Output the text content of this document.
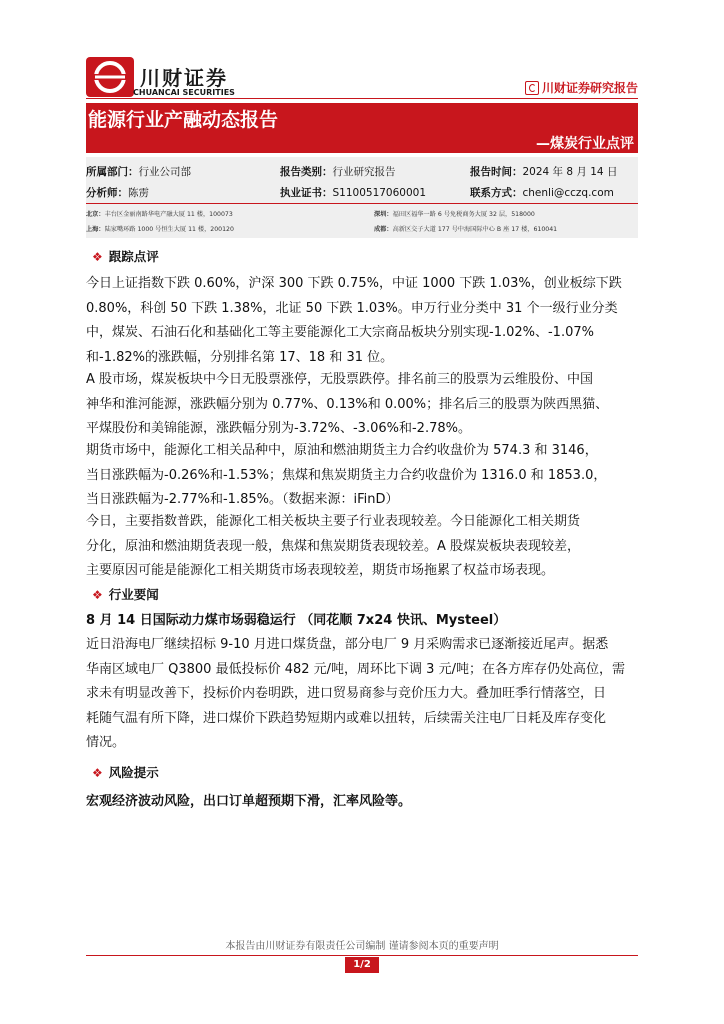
川财证券
CHUANCAI SECURITIES	川财证券研究报告
能源行业产融动态报告
—煤炭行业点评
所属部门：行业公司部	报告类别：行业研究报告	报告时间：2024 年 8 月 14 日
分析师：陈雳	执业证书：S1100517060001	联系方式：chenli@cczq.com
北京：丰台区金丽南路华电产融大厦 11 楼，100073	深圳：福田区福华一路 6 号免税商务大厦 32 层，518000
上海：陆家嘴环路 1000 号恒生大厦 11 楼，200120	成都：高新区交子大道 177 号中海国际中心 B 座 17 楼，610041
❖ 跟踪点评
今日上证指数下跌 0.60%，沪深 300 下跌 0.75%，中证 1000 下跌 1.03%，创业板综下跌
0.80%，科创 50 下跌 1.38%，北证 50 下跌 1.03%。申万行业分类中 31 个一级行业分类
中，煤炭、石油石化和基础化工等主要能源化工大宗商品板块分别实现-1.02%、-1.07%
和-1.82%的涨跌幅，分别排名第 17、18 和 31 位。
A 股市场，煤炭板块中今日无股票涨停，无股票跌停。排名前三的股票为云维股份、中国
神华和淮河能源，涨跌幅分别为 0.77%、0.13%和 0.00%；排名后三的股票为陕西黑猫、
平煤股份和美锦能源，涨跌幅分别为-3.72%、-3.06%和-2.78%。
期货市场中，能源化工相关品种中，原油和燃油期货主力合约收盘价为 574.3 和 3146，
当日涨跌幅为-0.26%和-1.53%；焦煤和焦炭期货主力合约收盘价为 1316.0 和 1853.0，
当日涨跌幅为-2.77%和-1.85%。（数据来源：iFinD）
今日，主要指数普跌，能源化工相关板块主要子行业表现较差。今日能源化工相关期货
分化，原油和燃油期货表现一般，焦煤和焦炭期货表现较差。A 股煤炭板块表现较差，
主要原因可能是能源化工相关期货市场表现较差，期货市场拖累了权益市场表现。
❖ 行业要闻
8 月 14 日国际动力煤市场弱稳运行 （同花顺 7x24 快讯、Mysteel）
近日沿海电厂继续招标 9-10 月进口煤货盘，部分电厂 9 月采购需求已逐渐接近尾声。据悉
华南区域电厂 Q3800 最低投标价 482 元/吨，周环比下调 3 元/吨；在各方库存仍处高位，需
求未有明显改善下，投标价内卷明跌，进口贸易商参与竞价压力大。叠加旺季行情落空，日
耗随气温有所下降，进口煤价下跌趋势短期内或难以扭转，后续需关注电厂日耗及库存变化
情况。
❖ 风险提示
宏观经济波动风险，出口订单超预期下滑，汇率风险等。
本报告由川财证券有限责任公司编制 谨请参阅本页的重要声明
1/2
